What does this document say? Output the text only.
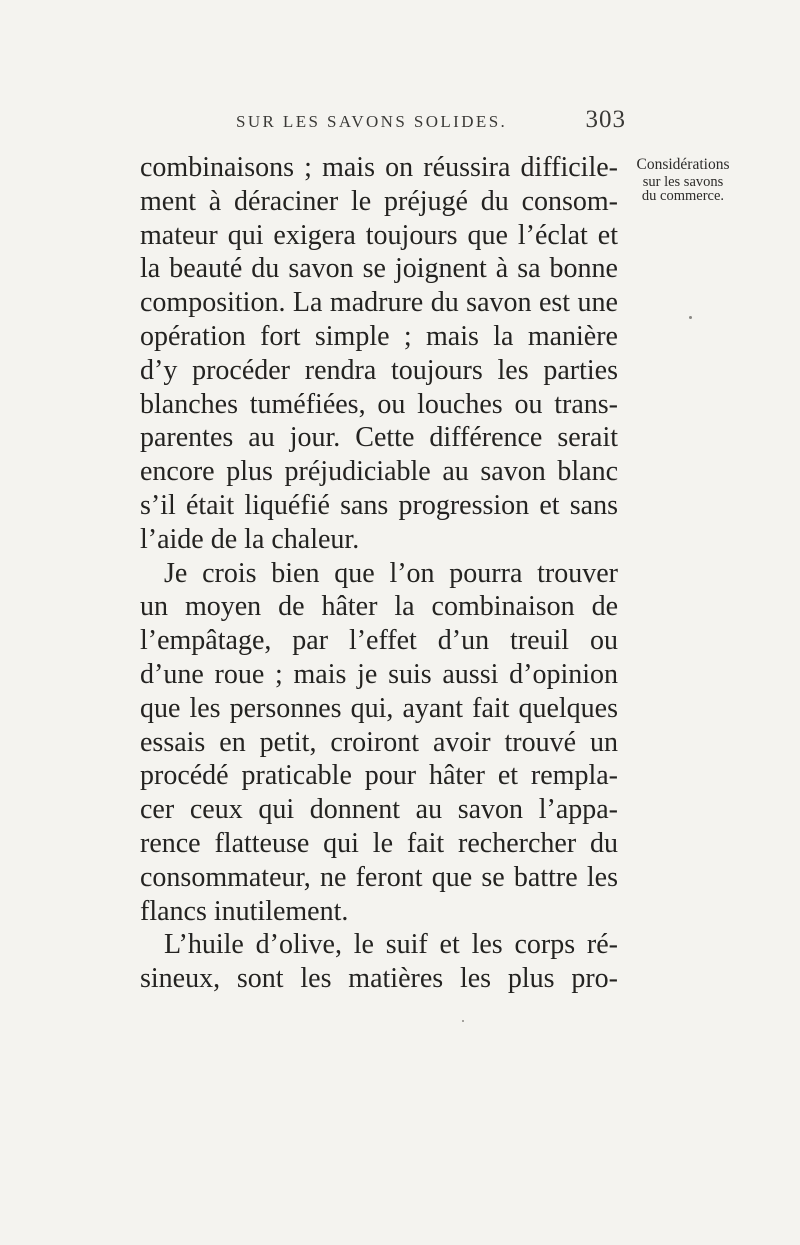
SUR LES SAVONS SOLIDES.	303
Considérations
sur les savons
du commerce.
combinaisons ; mais on réussira difficile-
ment à déraciner le préjugé du consom-
mateur qui exigera toujours que l’éclat et
la beauté du savon se joignent à sa bonne
composition. La madrure du savon est une
opération fort simple ; mais la manière
d’y procéder rendra toujours les parties
blanches tuméfiées, ou louches ou trans-
parentes au jour. Cette différence serait
encore plus préjudiciable au savon blanc
s’il était liquéfié sans progression et sans
l’aide de la chaleur.
Je crois bien que l’on pourra trouver
un moyen de hâter la combinaison de
l’empâtage, par l’effet d’un treuil ou
d’une roue ; mais je suis aussi d’opinion
que les personnes qui, ayant fait quelques
essais en petit, croiront avoir trouvé un
procédé praticable pour hâter et rempla-
cer ceux qui donnent au savon l’appa-
rence flatteuse qui le fait rechercher du
consommateur, ne feront que se battre les
flancs inutilement.
L’huile d’olive, le suif et les corps ré-
sineux, sont les matières les plus pro-
